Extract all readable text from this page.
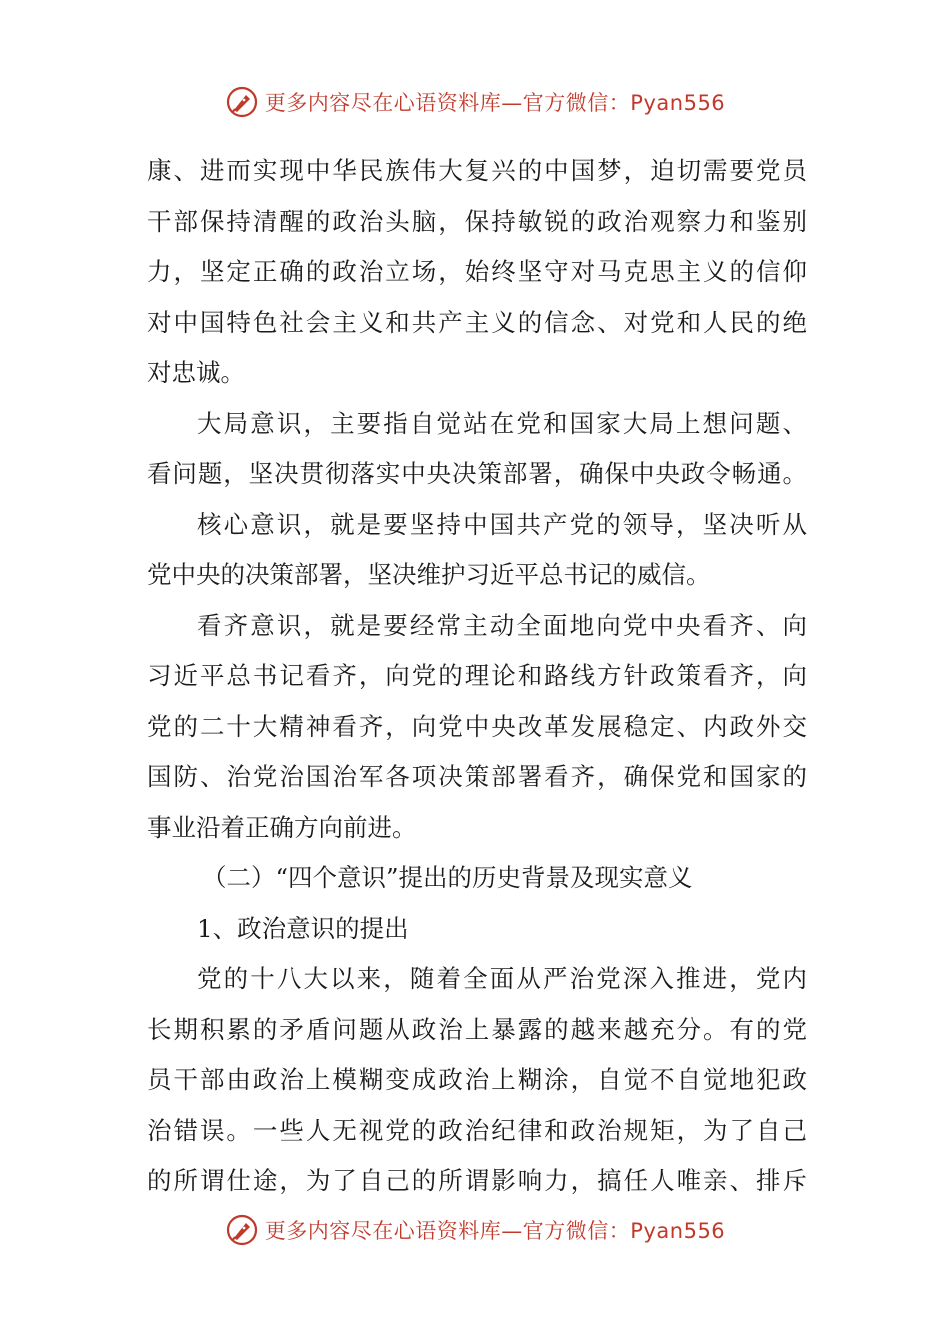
更多内容尽在心语资料库—官方微信：Pyan556
康、进而实现中华民族伟大复兴的中国梦，迫切需要党员
干部保持清醒的政治头脑，保持敏锐的政治观察力和鉴别
力，坚定正确的政治立场，始终坚守对马克思主义的信仰
对中国特色社会主义和共产主义的信念、对党和人民的绝
对忠诚。
大局意识，主要指自觉站在党和国家大局上想问题、
看问题，坚决贯彻落实中央决策部署，确保中央政令畅通。
核心意识，就是要坚持中国共产党的领导，坚决听从
党中央的决策部署，坚决维护习近平总书记的威信。
看齐意识，就是要经常主动全面地向党中央看齐、向
习近平总书记看齐，向党的理论和路线方针政策看齐，向
党的二十大精神看齐，向党中央改革发展稳定、内政外交
国防、治党治国治军各项决策部署看齐，确保党和国家的
事业沿着正确方向前进。
（二）“四个意识”提出的历史背景及现实意义
1、政治意识的提出
党的十八大以来，随着全面从严治党深入推进，党内
长期积累的矛盾问题从政治上暴露的越来越充分。有的党
员干部由政治上模糊变成政治上糊涂，自觉不自觉地犯政
治错误。一些人无视党的政治纪律和政治规矩，为了自己
的所谓仕途，为了自己的所谓影响力，搞任人唯亲、排斥
更多内容尽在心语资料库—官方微信：Pyan556
